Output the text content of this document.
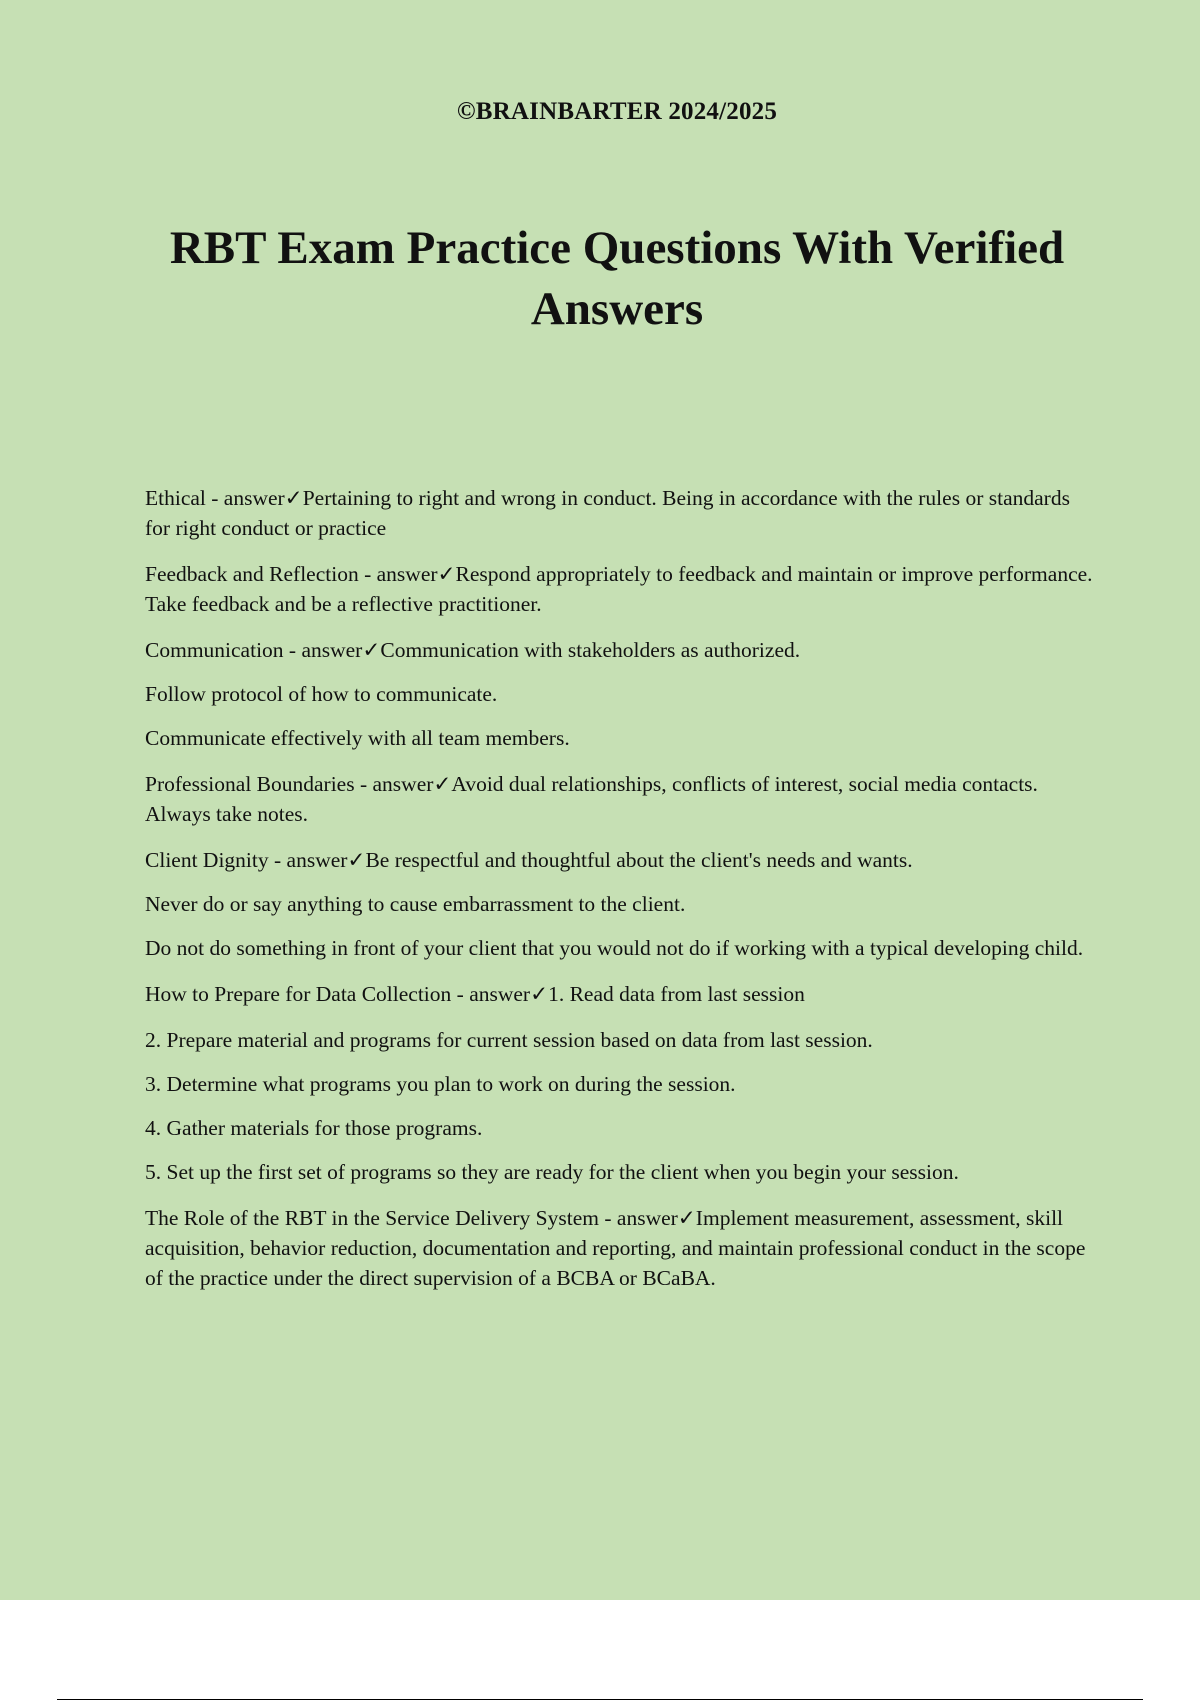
©BRAINBARTER 2024/2025
RBT Exam Practice Questions With Verified Answers

Ethical - answer✓Pertaining to right and wrong in conduct. Being in accordance with the rules or standards for right conduct or practice

Feedback and Reflection - answer✓Respond appropriately to feedback and maintain or improve performance. Take feedback and be a reflective practitioner.

Communication - answer✓Communication with stakeholders as authorized.

Follow protocol of how to communicate.

Communicate effectively with all team members.

Professional Boundaries - answer✓Avoid dual relationships, conflicts of interest, social media contacts. Always take notes.

Client Dignity - answer✓Be respectful and thoughtful about the client's needs and wants.

Never do or say anything to cause embarrassment to the client.

Do not do something in front of your client that you would not do if working with a typical developing child.

How to Prepare for Data Collection - answer✓1. Read data from last session

2. Prepare material and programs for current session based on data from last session.

3. Determine what programs you plan to work on during the session.

4. Gather materials for those programs.

5. Set up the first set of programs so they are ready for the client when you begin your session.

The Role of the RBT in the Service Delivery System - answer✓Implement measurement, assessment, skill acquisition, behavior reduction, documentation and reporting, and maintain professional conduct in the scope of the practice under the direct supervision of a BCBA or BCaBA.
